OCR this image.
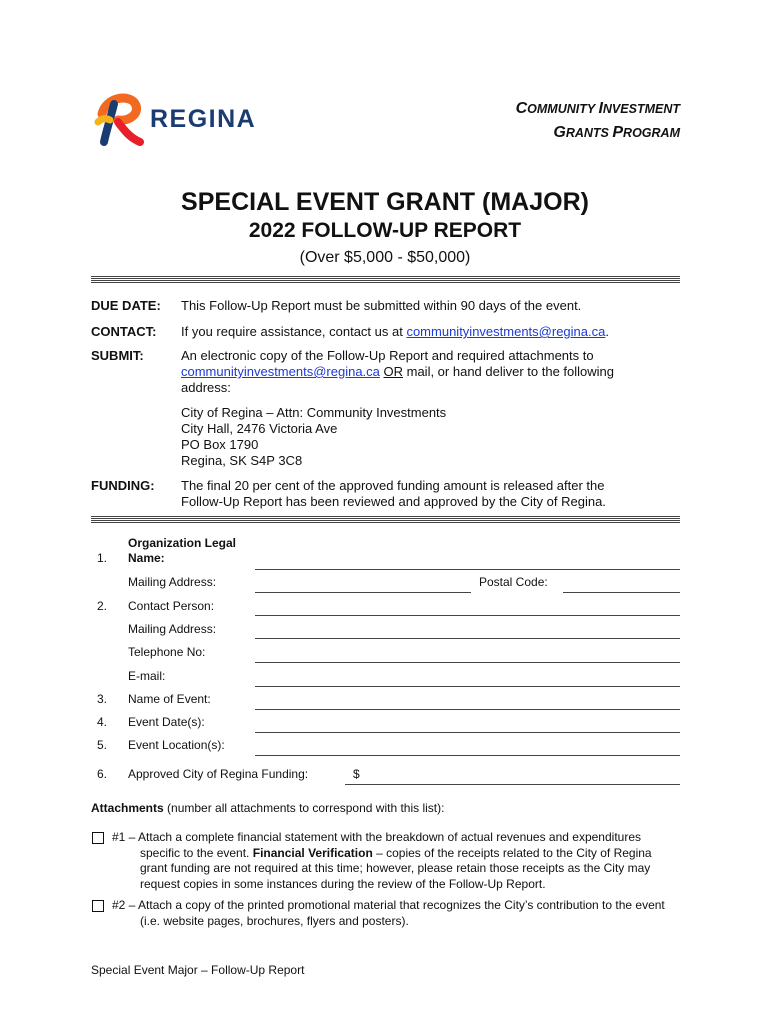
REGINA	COMMUNITY INVESTMENT
GRANTS PROGRAM
SPECIAL EVENT GRANT (MAJOR)
2022 FOLLOW-UP REPORT
(Over $5,000 - $50,000)
DUE DATE: This Follow-Up Report must be submitted within 90 days of the event.
CONTACT: If you require assistance, contact us at communityinvestments@regina.ca.
SUBMIT:	An electronic copy of the Follow-Up Report and required attachments to
communityinvestments@regina.ca OR mail, or hand deliver to the following
address:
City of Regina – Attn: Community Investments
City Hall, 2476 Victoria Ave
PO Box 1790
Regina, SK S4P 3C8
FUNDING: The final 20 per cent of the approved funding amount is released after the
Follow-Up Report has been reviewed and approved by the City of Regina.
1.
Organization Legal
Name:
Mailing Address:	Postal Code:
2. Contact Person:
Mailing Address:
Telephone No:
E-mail:
3. Name of Event:
4. Event Date(s):
5. Event Location(s):
6. Approved City of Regina Funding:	$
Attachments (number all attachments to correspond with this list):
#1 – Attach a complete financial statement with the breakdown of actual revenues and expenditures specific to the event. Financial Verification – copies of the receipts related to the City of Regina grant funding are not required at this time; however, please retain those receipts as the City may request copies in some instances during the review of the Follow-Up Report.
#2 – Attach a copy of the printed promotional material that recognizes the City’s contribution to the event (i.e. website pages, brochures, flyers and posters).
Special Event Major – Follow-Up Report
